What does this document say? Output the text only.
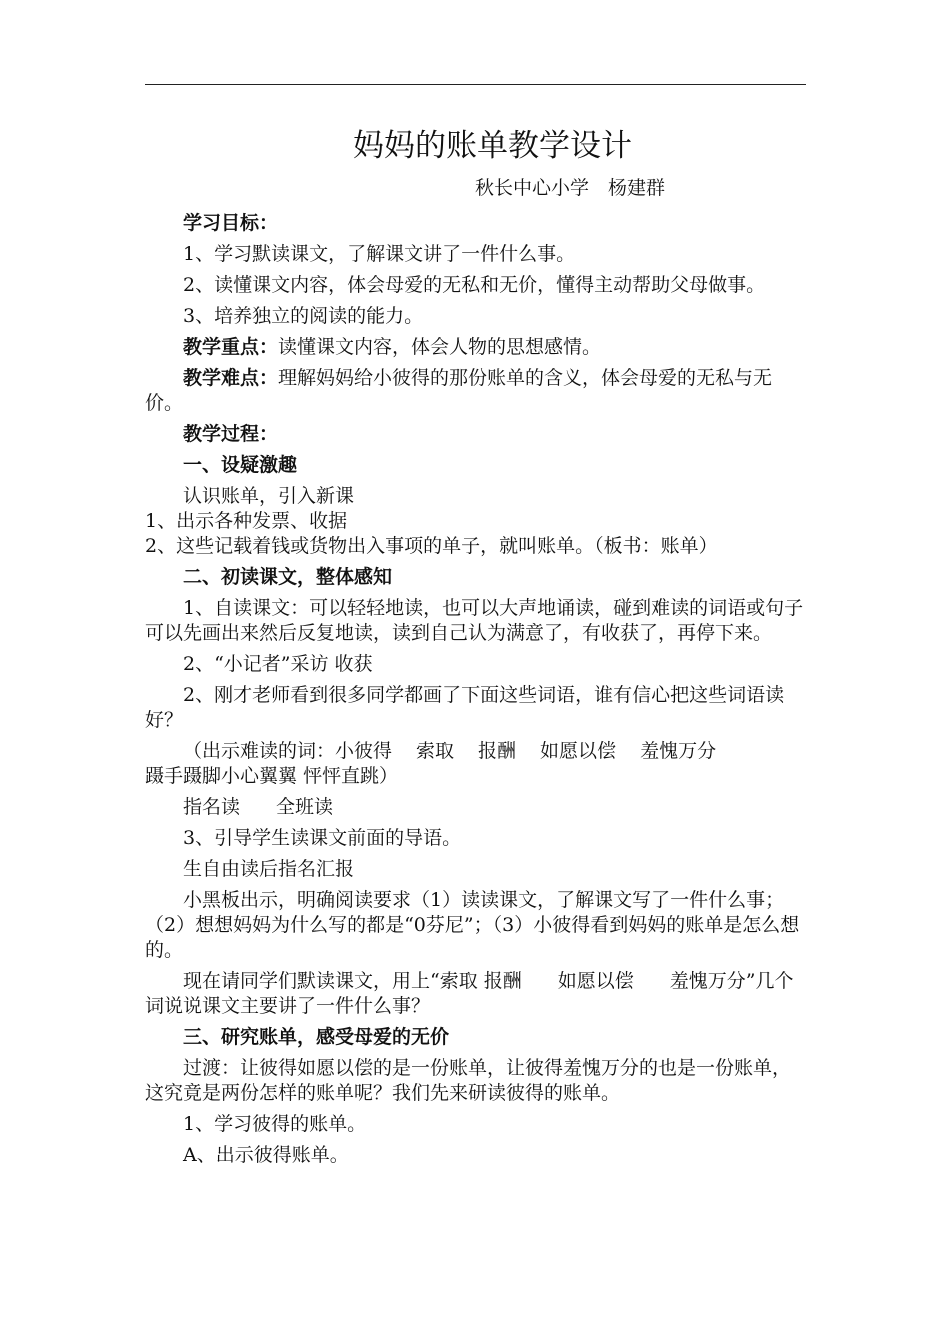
妈妈的账单教学设计
秋长中心小学　杨建群

学习目标：

1、学习默读课文，了解课文讲了一件什么事。

2、读懂课文内容，体会母爱的无私和无价，懂得主动帮助父母做事。

3、培养独立的阅读的能力。

教学重点：读懂课文内容，体会人物的思想感情。

教学难点：理解妈妈给小彼得的那份账单的含义，体会母爱的无私与无价。

教学过程：

一、设疑激趣

认识账单，引入新课

1、出示各种发票、收据

2、这些记载着钱或货物出入事项的单子，就叫账单。（板书：账单）

二、初读课文，整体感知

1、自读课文：可以轻轻地读，也可以大声地诵读，碰到难读的词语或句子可以先画出来然后反复地读，读到自己认为满意了，有收获了，再停下来。

2、“小记者”采访 收获

2、刚才老师看到很多同学都画了下面这些词语，谁有信心把这些词语读好？

（出示难读的词：小彼得 索取 报酬 如愿以偿 羞愧万分

蹑手蹑脚小心翼翼 怦怦直跳）

指名读 全班读

3、引导学生读课文前面的导语。

生自由读后指名汇报

小黑板出示，明确阅读要求（1）读读课文，了解课文写了一件什么事；（2）想想妈妈为什么写的都是“0芬尼”；（3）小彼得看到妈妈的账单是怎么想的。

现在请同学们默读课文，用上“索取 报酬 如愿以偿 羞愧万分”几个词说说课文主要讲了一件什么事？

三、研究账单，感受母爱的无价

过渡：让彼得如愿以偿的是一份账单，让彼得羞愧万分的也是一份账单，　这究竟是两份怎样的账单呢？我们先来研读彼得的账单。

1、学习彼得的账单。

A、出示彼得账单。
